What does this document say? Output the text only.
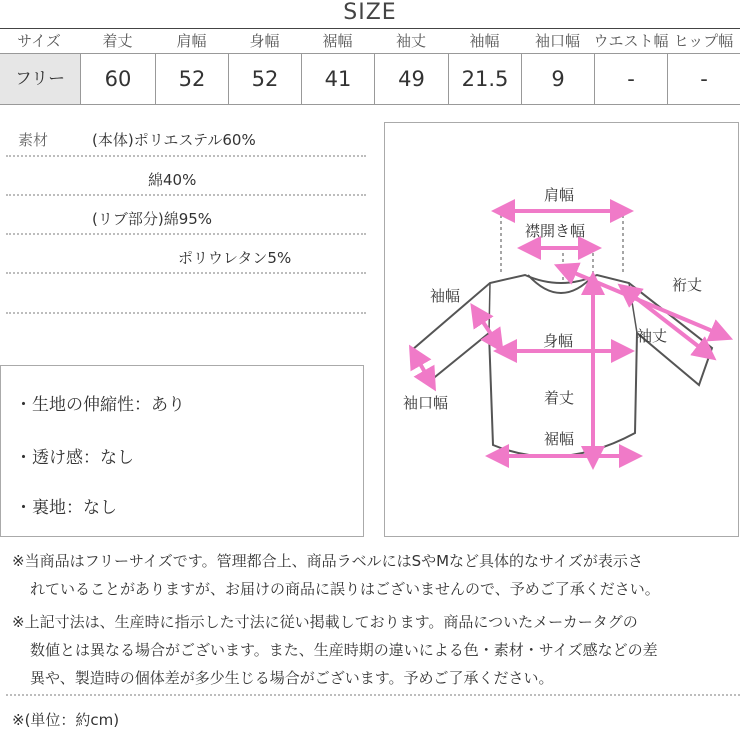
SIZE
サイズ	着丈	肩幅	身幅	裾幅	袖丈	袖幅	袖口幅 ウエスト幅 ヒップ幅
フリー	60	52	52	41	49	21.5	9	-	-
素材	(本体)ポリエステル60%
綿40%
(リブ部分)綿95%
ポリウレタン5%
・生地の伸縮性：あり
・透け感：なし
・裏地：なし
肩幅
襟開き幅
裄丈
袖幅
袖丈
身幅
袖口幅	着丈
裾幅
※当商品はフリーサイズです。管理都合上、商品ラベルにはSやMなど具体的なサイズが表示さ
れていることがありますが、お届けの商品に誤りはございませんので、予めご了承ください。
※上記寸法は、生産時に指示した寸法に従い掲載しております。商品についたメーカータグの
数値とは異なる場合がございます。また、生産時期の違いによる色・素材・サイズ感などの差
異や、製造時の個体差が多少生じる場合がございます。予めご了承ください。
※(単位：約cm)
